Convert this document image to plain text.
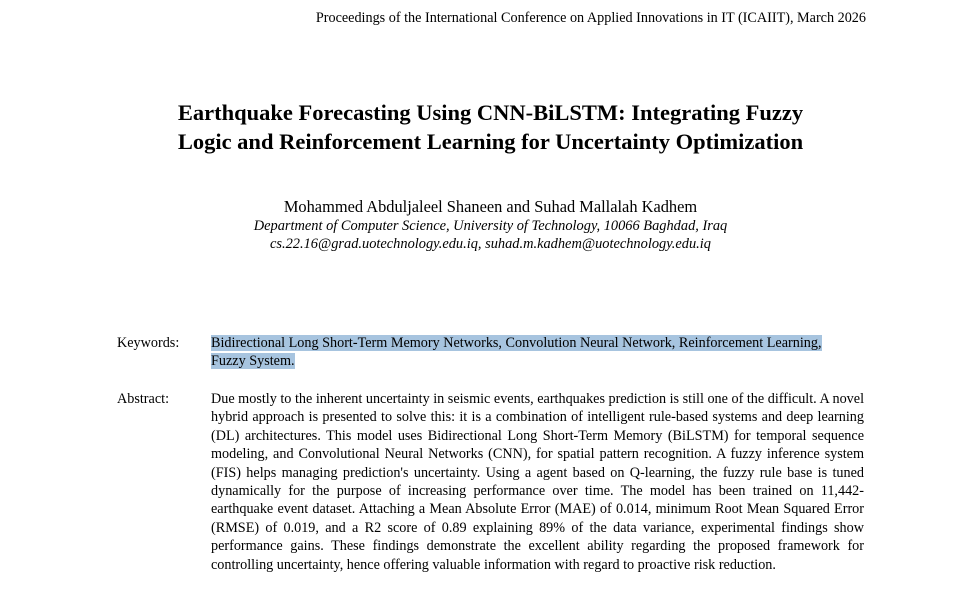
Proceedings of the International Conference on Applied Innovations in IT (ICAIIT), March 2026
Earthquake Forecasting Using CNN-BiLSTM: Integrating Fuzzy
Logic and Reinforcement Learning for Uncertainty Optimization
Mohammed Abduljaleel Shaneen and Suhad Mallalah Kadhem
Department of Computer Science, University of Technology, 10066 Baghdad, Iraq
cs.22.16@grad.uotechnology.edu.iq, suhad.m.kadhem@uotechnology.edu.iq
Keywords: Bidirectional Long Short-Term Memory Networks, Convolution Neural Network, Reinforcement Learning,
Fuzzy System.
Abstract:	Due mostly to the inherent uncertainty in seismic events, earthquakes prediction is still one of the difficult. A novel hybrid approach is presented to solve this: it is a combination of intelligent rule-based systems and deep learning (DL) architectures. This model uses Bidirectional Long Short-Term Memory (BiLSTM) for temporal sequence modeling, and Convolutional Neural Networks (CNN), for spatial pattern recognition. A fuzzy inference system (FIS) helps managing prediction's uncertainty. Using a agent based on Q-learning, the fuzzy rule base is tuned dynamically for the purpose of increasing performance over time. The model has been trained on 11,442-earthquake event dataset. Attaching a Mean Absolute Error (MAE) of 0.014, minimum Root Mean Squared Error (RMSE) of 0.019, and a R2 score of 0.89 explaining 89% of the data variance, experimental findings show performance gains. These findings demonstrate the excellent ability regarding the proposed framework for controlling uncertainty, hence offering valuable information with regard to proactive risk reduction.
